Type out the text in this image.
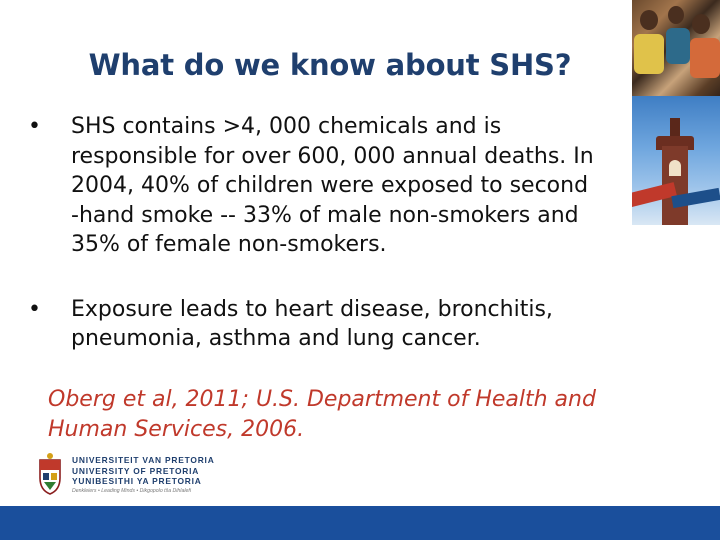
What do we know about SHS?
•	SHS contains >4, 000 chemicals and is
responsible for over 600, 000 annual deaths. In
2004, 40% of children were exposed to second
-hand smoke -- 33% of male non-smokers and
35% of female non-smokers.
•	Exposure leads to heart disease, bronchitis,
pneumonia, asthma and lung cancer.
Oberg et al, 2011; U.S. Department of Health and
Human Services, 2006.
UNIVERSITEIT VAN PRETORIA
UNIVERSITY OF PRETORIA
YUNIBESITHI YA PRETORIA
Denkleiers • Leading Minds • Dikgopolo tša Dihlalefi
